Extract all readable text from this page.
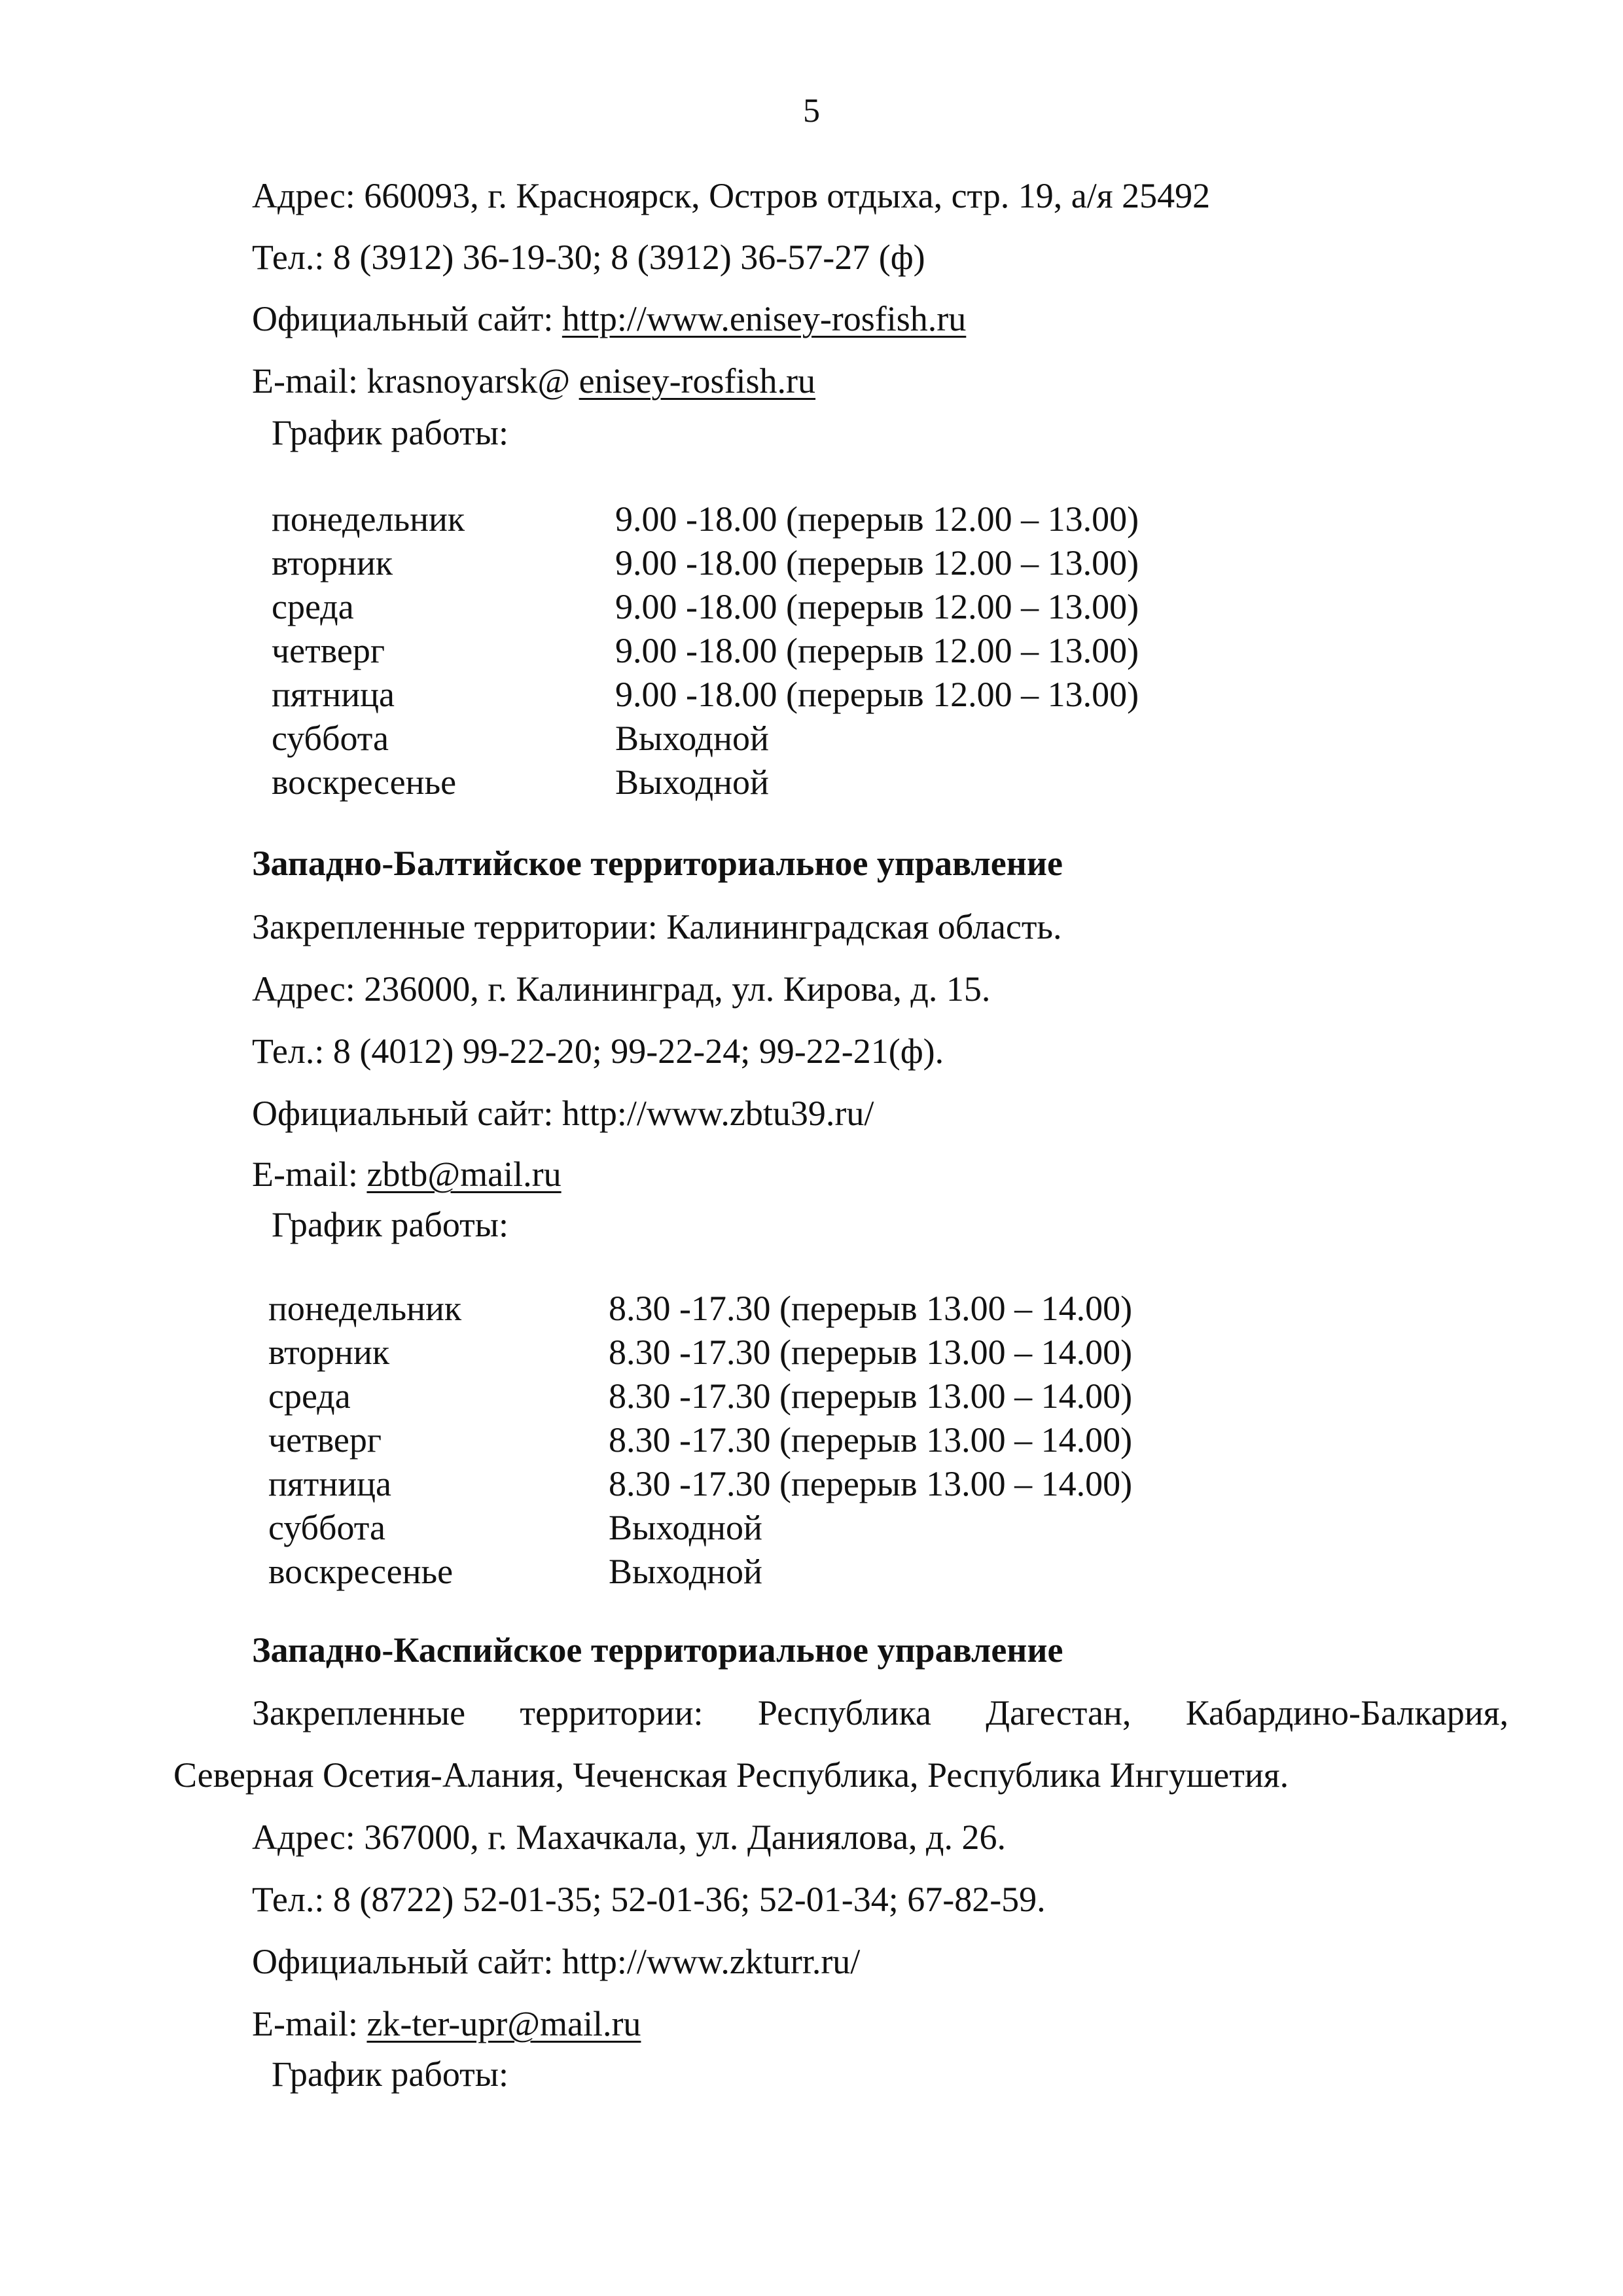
5
Адрес: 660093, г. Красноярск, Остров отдыха, стр. 19, а/я 25492
Тел.: 8 (3912) 36-19-30; 8 (3912) 36-57-27 (ф)
Официальный сайт: http://www.enisey-rosfish.ru
E-mail: krasnoyarsk@ enisey-rosfish.ru
График работы:
понедельник	9.00 -18.00 (перерыв 12.00 – 13.00)
вторник	9.00 -18.00 (перерыв 12.00 – 13.00)
среда	9.00 -18.00 (перерыв 12.00 – 13.00)
четверг	9.00 -18.00 (перерыв 12.00 – 13.00)
пятница	9.00 -18.00 (перерыв 12.00 – 13.00)
суббота	Выходной
воскресенье	Выходной
Западно-Балтийское территориальное управление
Закрепленные территории: Калининградская область.
Адрес: 236000, г. Калининград, ул. Кирова, д. 15.
Тел.: 8 (4012) 99-22-20; 99-22-24; 99-22-21(ф).
Официальный сайт: http://www.zbtu39.ru/
E-mail: zbtb@mail.ru
График работы:
понедельник	8.30 -17.30 (перерыв 13.00 – 14.00)
вторник	8.30 -17.30 (перерыв 13.00 – 14.00)
среда	8.30 -17.30 (перерыв 13.00 – 14.00)
четверг	8.30 -17.30 (перерыв 13.00 – 14.00)
пятница	8.30 -17.30 (перерыв 13.00 – 14.00)
суббота	Выходной
воскресенье	Выходной
Западно-Каспийское территориальное управление
Закрепленные территории: Республика Дагестан, Кабардино-Балкария,
Северная Осетия-Алания, Чеченская Республика, Республика Ингушетия.
Адрес: 367000, г. Махачкала, ул. Даниялова, д. 26.
Тел.: 8 (8722) 52-01-35; 52-01-36; 52-01-34; 67-82-59.
Официальный сайт: http://www.zkturr.ru/
E-mail: zk-ter-upr@mail.ru
График работы:
